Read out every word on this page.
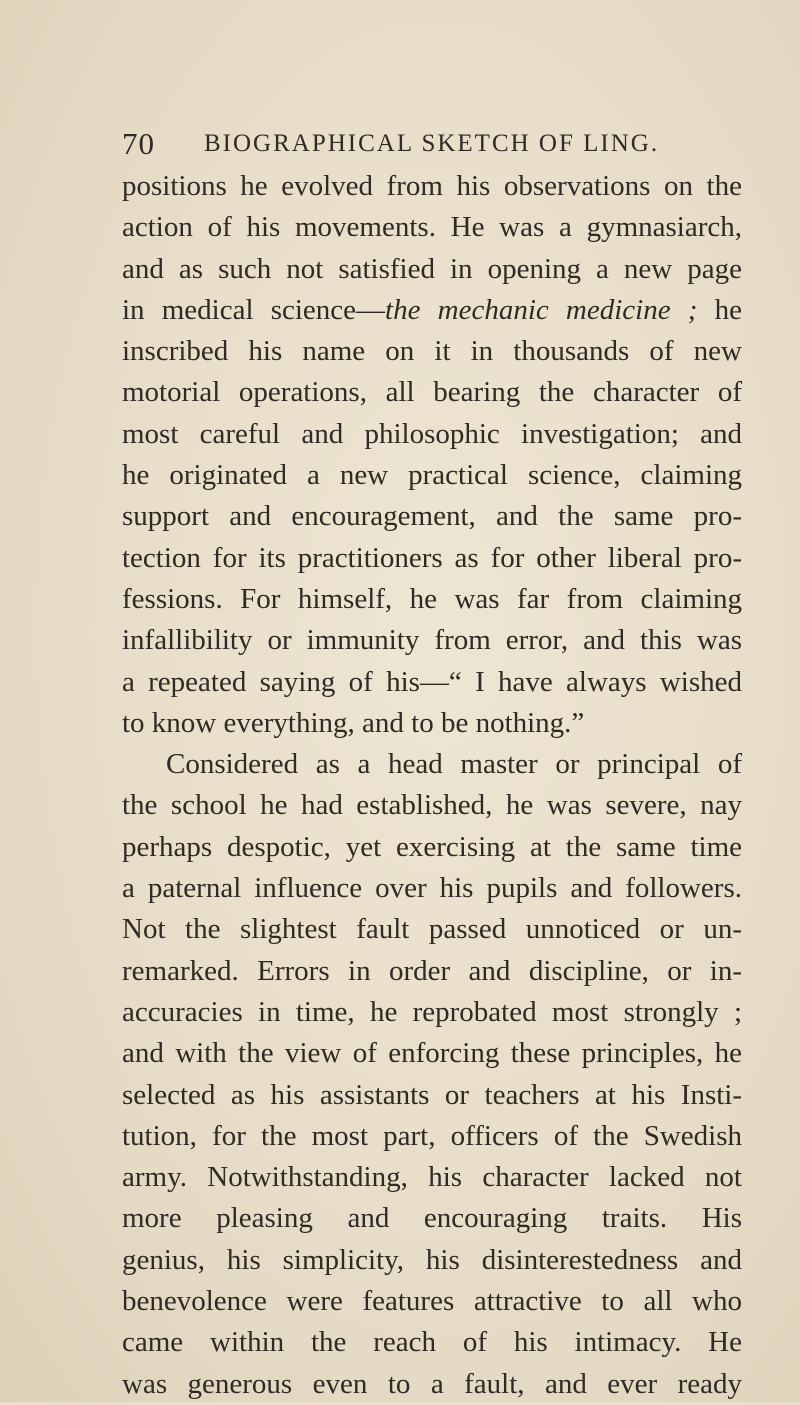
70 BIOGRAPHICAL SKETCH OF LING.
positions he evolved from his observations on the
action of his movements. He was a gymnasiarch,
and as such not satisfied in opening a new page
in medical science—the mechanic medicine ; he
inscribed his name on it in thousands of new
motorial operations, all bearing the character of
most careful and philosophic investigation; and
he originated a new practical science, claiming
support and encouragement, and the same pro-
tection for its practitioners as for other liberal pro-
fessions. For himself, he was far from claiming
infallibility or immunity from error, and this was
a repeated saying of his—“ I have always wished
to know everything, and to be nothing.”
Considered as a head master or principal of
the school he had established, he was severe, nay
perhaps despotic, yet exercising at the same time
a paternal influence over his pupils and followers.
Not the slightest fault passed unnoticed or un-
remarked. Errors in order and discipline, or in-
accuracies in time, he reprobated most strongly ;
and with the view of enforcing these principles, he
selected as his assistants or teachers at his Insti-
tution, for the most part, officers of the Swedish
army. Notwithstanding, his character lacked not
more pleasing and encouraging traits. His
genius, his simplicity, his disinterestedness and
benevolence were features attractive to all who
came within the reach of his intimacy. He
was generous even to a fault, and ever ready
